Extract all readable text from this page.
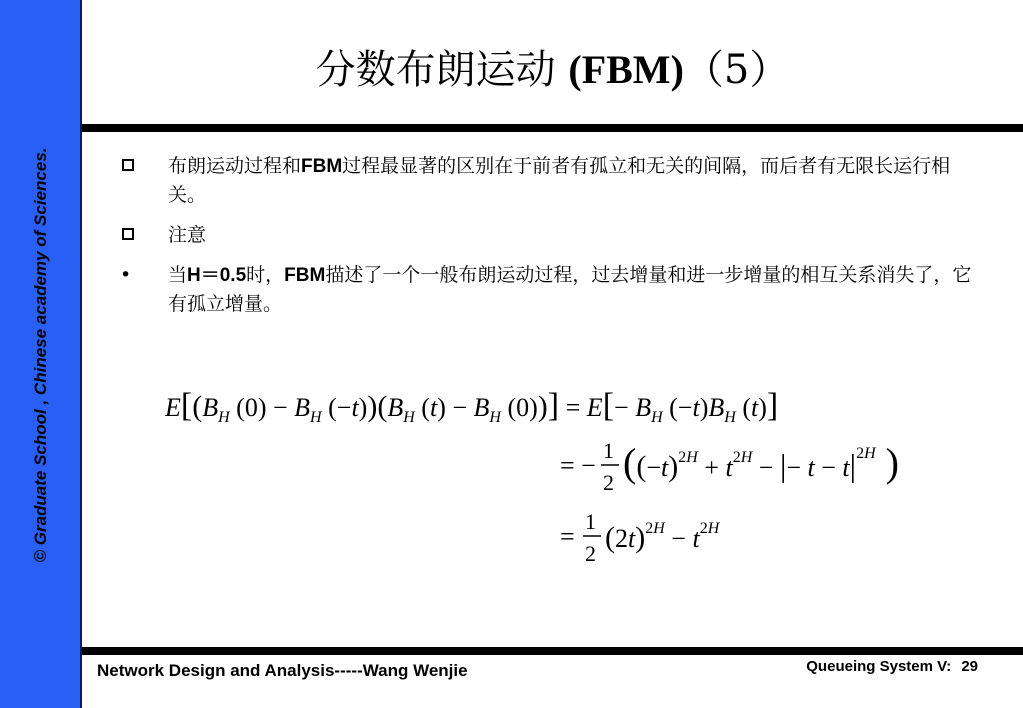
© Graduate School , Chinese academy of Sciences.
分数布朗运动 (FBM)（5）
布朗运动过程和FBM过程最显著的区别在于前者有孤立和无关的间隔，而后者有无限长运行相关。
注意
• 当H＝0.5时，FBM描述了一个一般布朗运动过程，过去增量和进一步增量的相互关系消失了，它有孤立增量。
$E[(B_H$ $(0) - B_H$ $(-t))(B_H$ $(t) - B_H$ $(0))] = E[- B_H$ $(-t)B_H$ (t)]
= −
1
2 ($(-t)^2H + t^2H$ − |− $t - t|^2H$ )
=
1
2 $(2t)^2H - t^2H$
Network Design and Analysis-----Wang Wenjie	Queueing System V: 29
